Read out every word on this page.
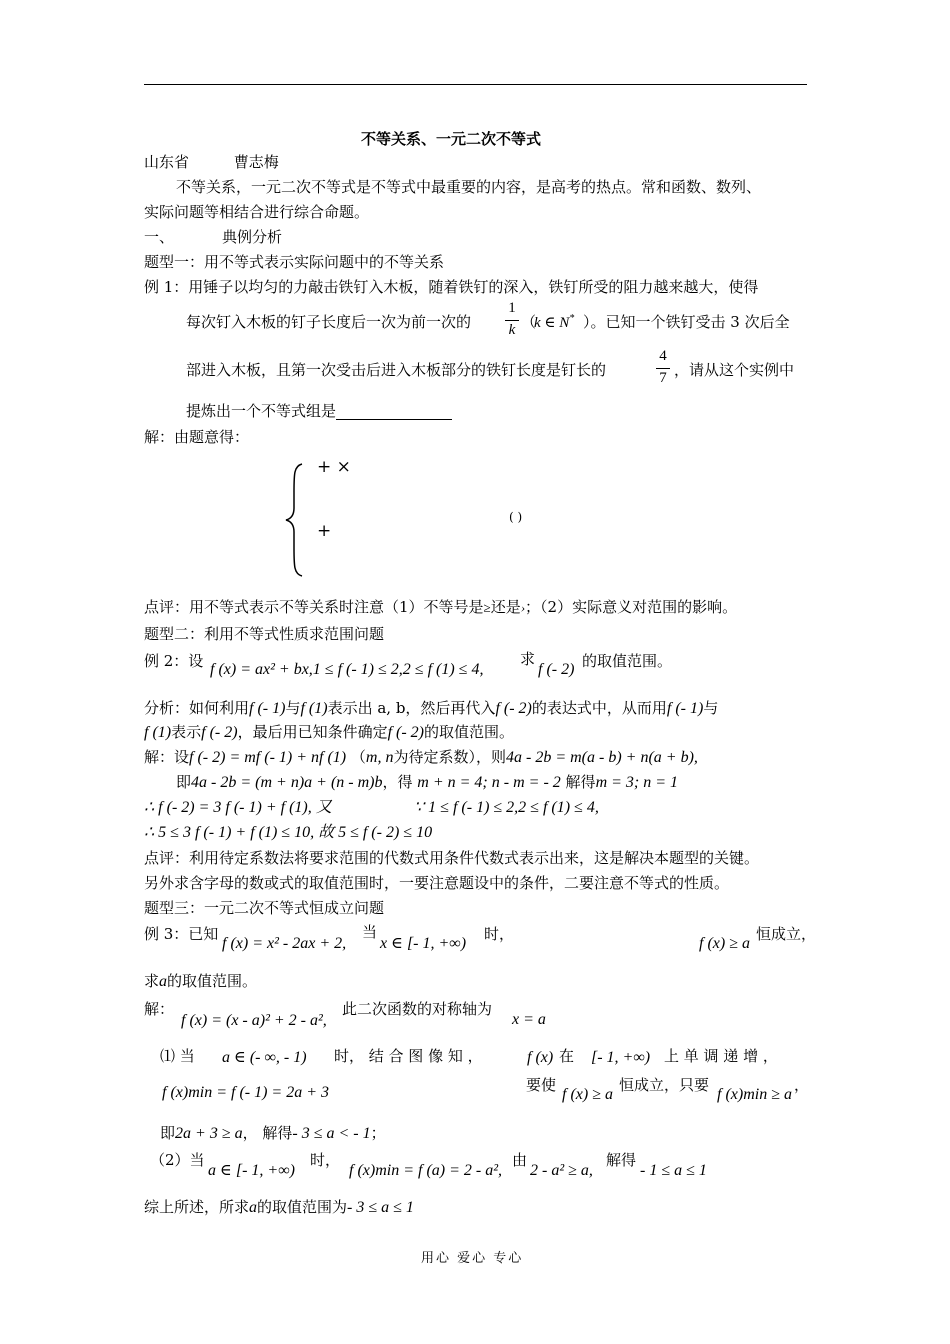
不等关系、一元二次不等式
山东省 曹志梅
不等关系，一元二次不等式是不等式中最重要的内容，是高考的热点。常和函数、数列、
实际问题等相结合进行综合命题。
一、	典例分析
题型一：用不等式表示实际问题中的不等关系
例 1：用锤子以均匀的力敲击铁钉入木板，随着铁钉的深入，铁钉所受的阻力越来越大，使得
每次钉入木板的钉子长度后一次为前一次的
1
k （
k ∈ N* ）。已知一个铁钉受击 3 次后全
部进入木板，且第一次受击后进入木板部分的铁钉长度是钉长的
4
7 ，请从这个实例中
提炼出一个不等式组是
解：由题意得：
+ ×
+
( )
点评：用不等式表示不等关系时注意（1）不等号是≥还是›；（2）实际意义对范围的影响。
题型二：利用不等式性质求范围问题
例 2：设 f (x) = ax² + bx,1 ≤ f (- 1) ≤ 2,2 ≤ f (1) ≤ 4,
求
f (- 2) 的取值范围。
分析：如何利用f (- 1)与f (1)表示出 a, b，然后再代入f (- 2)的表达式中，从而用f (- 1)与
f (1)表示f (- 2)，最后用已知条件确定f (- 2)的取值范围。
解：设f (- 2) = mf (- 1) + nf (1) （m, n为待定系数），则4a - 2b = m(a - b) + n(a + b),
即4a - 2b = (m + n)a + (n - m)b，得 m + n = 4; n - m = - 2 解得m = 3; n = 1
∴ f (- 2) = 3 f (- 1) + f (1), 又	∵ 1 ≤ f (- 1) ≤ 2,2 ≤ f (1) ≤ 4,
∴ 5 ≤ 3 f (- 1) + f (1) ≤ 10, 故 5 ≤ f (- 2) ≤ 10
点评：利用待定系数法将要求范围的代数式用条件代数式表示出来，这是解决本题型的关键。
另外求含字母的数或式的取值范围时，一要注意题设中的条件，二要注意不等式的性质。
题型三：一元二次不等式恒成立问题
例 3：已知
f (x) = x² - 2ax + 2,
当
x ∈ [- 1, +∞)
时，
f (x) ≥ a
恒成立，
求a的取值范围。
解：
f (x) = (x - a)² + 2 - a²,
此二次函数的对称轴为
x = a
⑴ 当 a ∈ (- ∞, - 1) 时， 结 合 图 像 知 ，	f (x) 在 [- 1, +∞) 上 单 调 递 增 ，
f (x)min = f (- 1) = 2a + 3	要使
f (x) ≥ a
恒成立，只要
f (x)min ≥ a
，
即2a + 3 ≥ a， 解得- 3 ≤ a < - 1；
（2）当
a ∈ [- 1, +∞)
时，
f (x)min = f (a) = 2 - a²,
由
2 - a² ≥ a,
解得
- 1 ≤ a ≤ 1
综上所述，所求a的取值范围为- 3 ≤ a ≤ 1
用心 爱心 专心
